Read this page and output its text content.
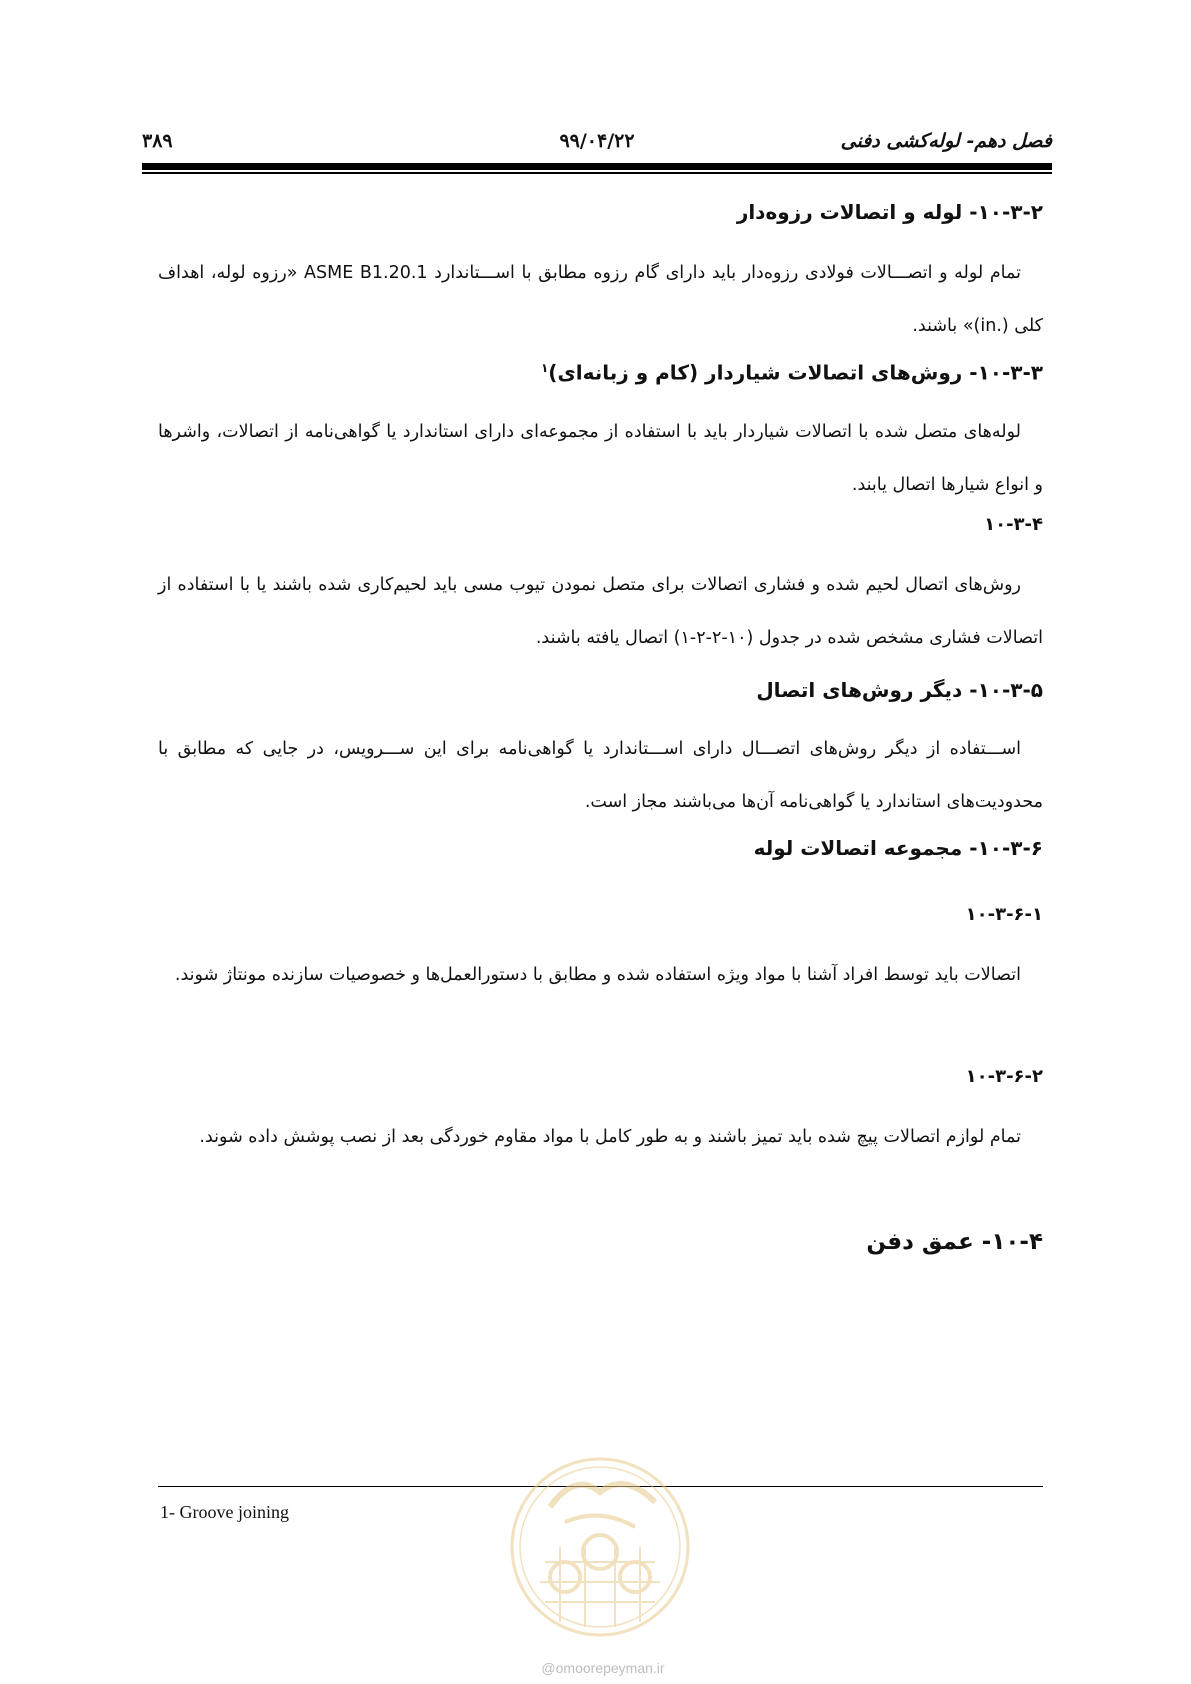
فصل دهم- لوله‌کشی دفنی
۹۹/۰۴/۲۲
۳۸۹

۱۰-۳-۲- لوله و اتصالات رزوه‌دار

تمام لوله و اتصـــالات فولادی رزوه‌دار باید دارای گام رزوه مطابق با اســـتاندارد ASME B1.20.1 «رزوه لوله، اهداف کلی (.in)» باشند.

۱۰-۳-۳- روش‌های اتصالات شیاردار (کام و زبانه‌ای)$^۱$

لوله‌های متصل شده با اتصالات شیاردار باید با استفاده از مجموعه‌ای دارای استاندارد یا گواهی‌نامه از اتصالات، واشرها و انواع شیارها اتصال یابند.

۱۰-۳-۴

روش‌های اتصال لحیم شده و فشاری اتصالات برای متصل نمودن تیوب مسی باید لحیم‌کاری شده باشند یا با استفاده از اتصالات فشاری مشخص شده در جدول (۱۰-۲-۲-۱) اتصال یافته باشند.

۱۰-۳-۵- دیگر روش‌های اتصال

اســـتفاده از دیگر روش‌های اتصـــال دارای اســـتاندارد یا گواهی‌نامه برای این ســـرویس، در جایی که مطابق با محدودیت‌های استاندارد یا گواهی‌نامه آن‌ها می‌باشند مجاز است.

۱۰-۳-۶- مجموعه اتصالات لوله

۱۰-۳-۶-۱

اتصالات باید توسط افراد آشنا با مواد ویژه استفاده شده و مطابق با دستورالعمل‌ها و خصوصیات سازنده مونتاژ شوند.

۱۰-۳-۶-۲

تمام لوازم اتصالات پیچ شده باید تمیز باشند و به طور کامل با مواد مقاوم خوردگی بعد از نصب پوشش داده شوند.

۱۰-۴- عمق دفن

1- Groove joining
@omoorepeyman.ir
